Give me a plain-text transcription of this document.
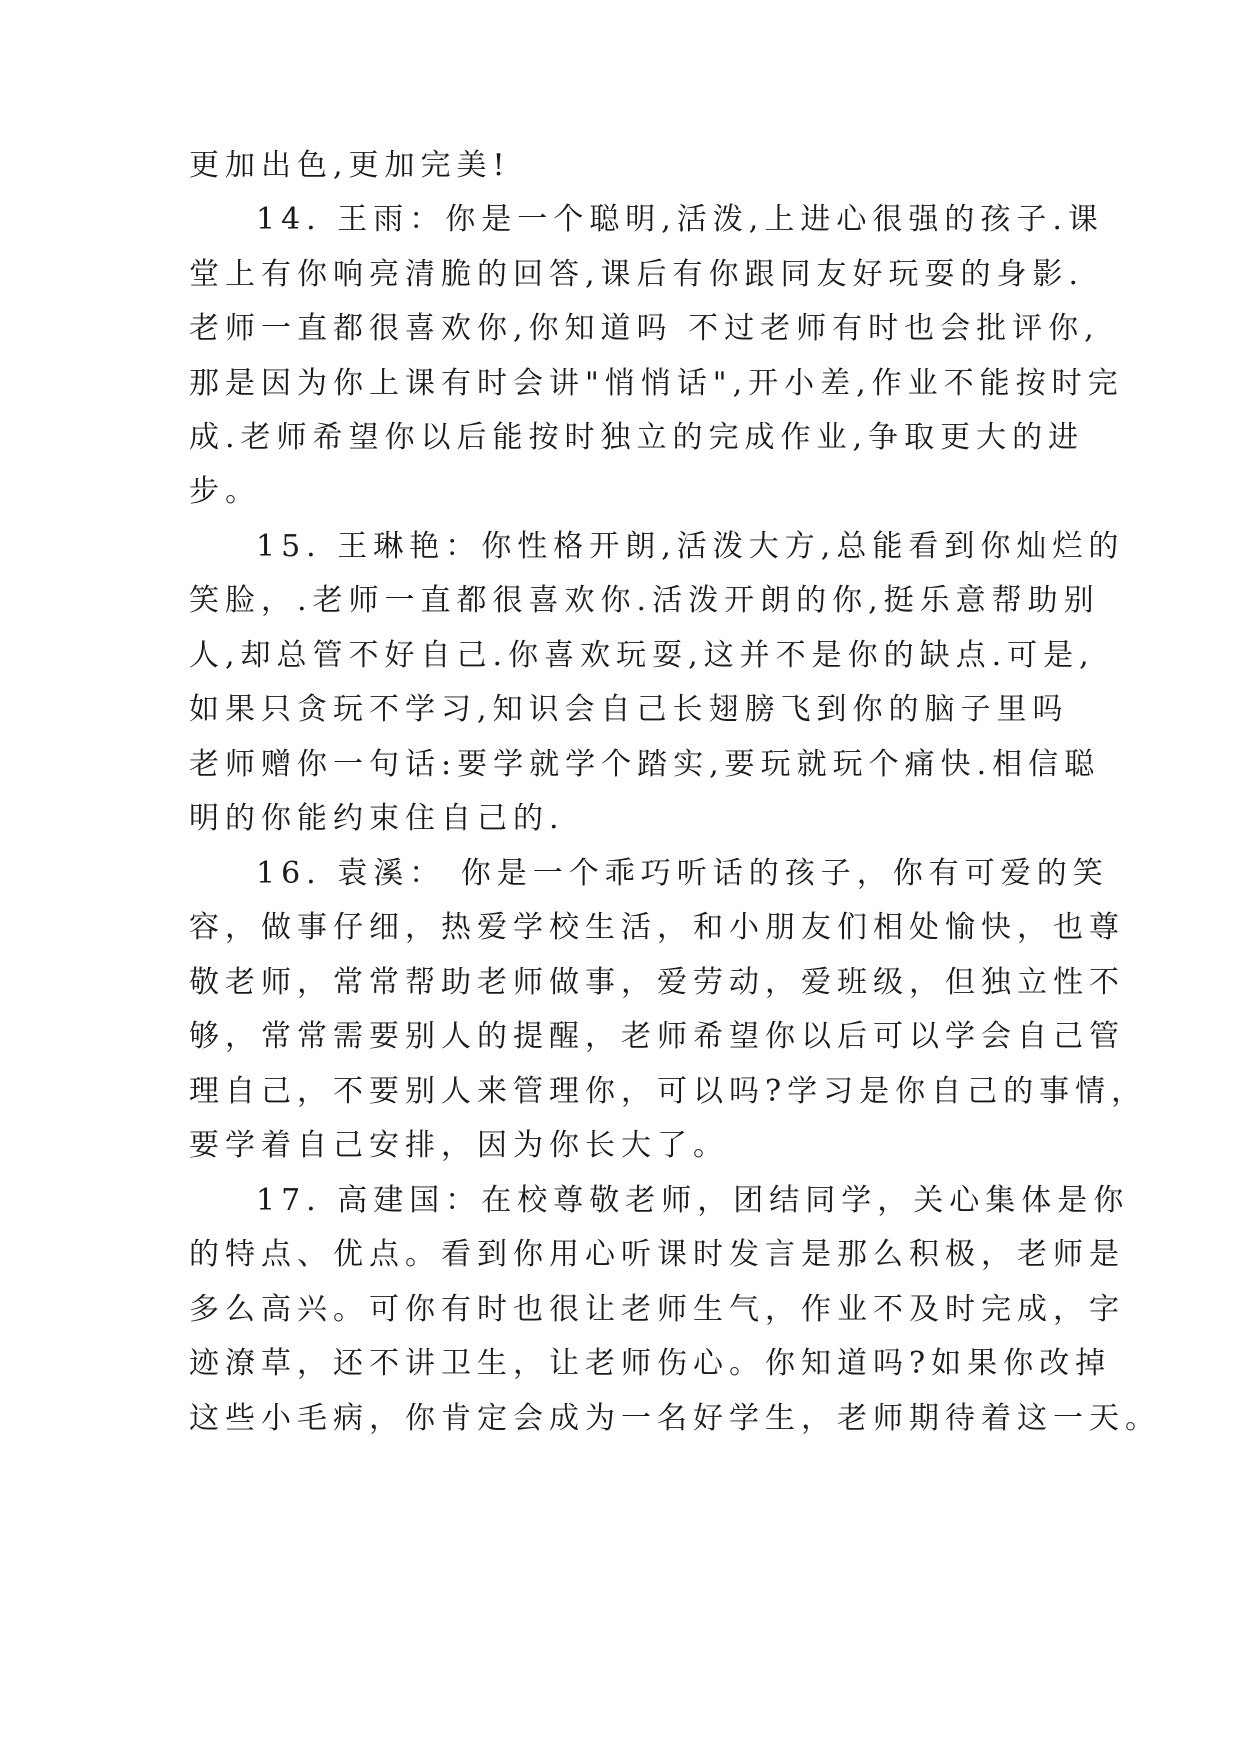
更加出色,更加完美!
14. 王雨：你是一个聪明,活泼,上进心很强的孩子.课
堂上有你响亮清脆的回答,课后有你跟同友好玩耍的身影.
老师一直都很喜欢你,你知道吗 不过老师有时也会批评你,
那是因为你上课有时会讲"悄悄话",开小差,作业不能按时完
成.老师希望你以后能按时独立的完成作业,争取更大的进
步。
15. 王琳艳：你性格开朗,活泼大方,总能看到你灿烂的
笑脸，.老师一直都很喜欢你.活泼开朗的你,挺乐意帮助别
人,却总管不好自己.你喜欢玩耍,这并不是你的缺点.可是,
如果只贪玩不学习,知识会自己长翅膀飞到你的脑子里吗
老师赠你一句话:要学就学个踏实,要玩就玩个痛快.相信聪
明的你能约束住自己的.
16. 袁溪： 你是一个乖巧听话的孩子，你有可爱的笑
容，做事仔细，热爱学校生活，和小朋友们相处愉快，也尊
敬老师，常常帮助老师做事，爱劳动，爱班级，但独立性不
够，常常需要别人的提醒，老师希望你以后可以学会自己管
理自己，不要别人来管理你，可以吗?学习是你自己的事情，
要学着自己安排，因为你长大了。
17. 高建国：在校尊敬老师，团结同学，关心集体是你
的特点、优点。看到你用心听课时发言是那么积极，老师是
多么高兴。可你有时也很让老师生气，作业不及时完成，字
迹潦草，还不讲卫生，让老师伤心。你知道吗?如果你改掉
这些小毛病，你肯定会成为一名好学生，老师期待着这一天。
